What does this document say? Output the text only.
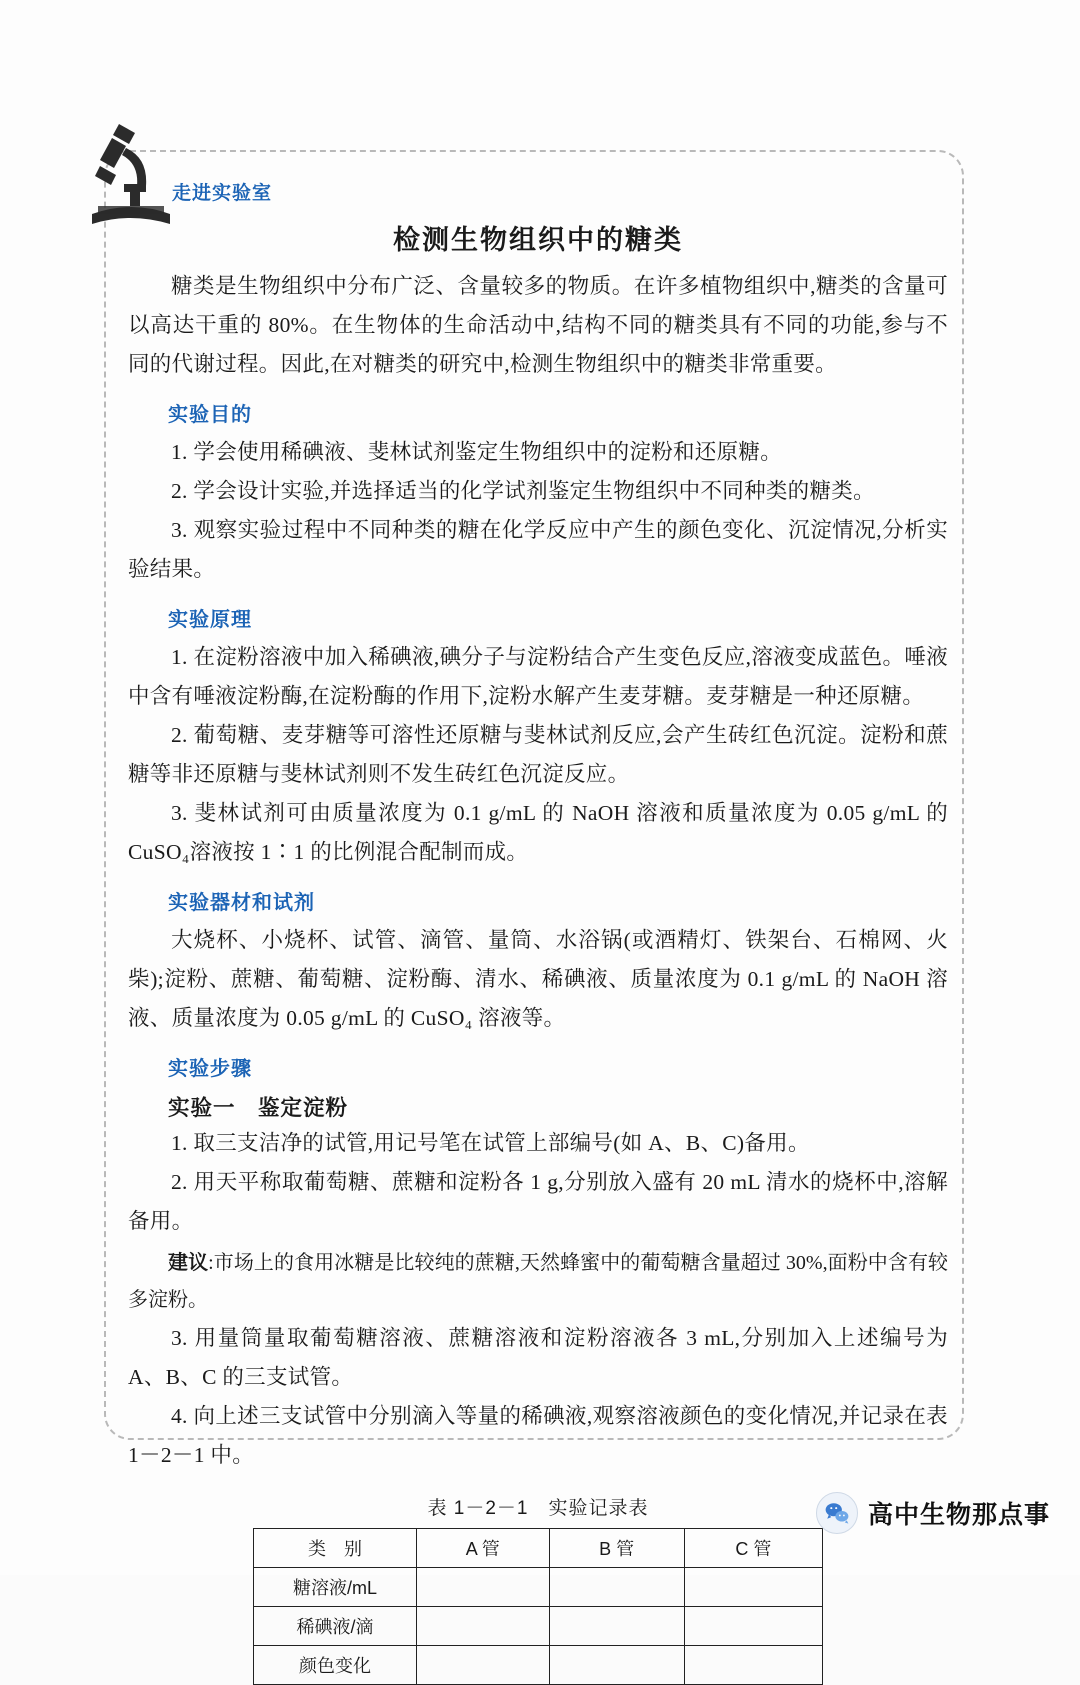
走进实验室
检测生物组织中的糖类

糖类是生物组织中分布广泛、含量较多的物质。在许多植物组织中,糖类的含量可以高达干重的 80%。在生物体的生命活动中,结构不同的糖类具有不同的功能,参与不同的代谢过程。因此,在对糖类的研究中,检测生物组织中的糖类非常重要。

实验目的

1. 学会使用稀碘液、斐林试剂鉴定生物组织中的淀粉和还原糖。

2. 学会设计实验,并选择适当的化学试剂鉴定生物组织中不同种类的糖类。

3. 观察实验过程中不同种类的糖在化学反应中产生的颜色变化、沉淀情况,分析实验结果。

实验原理

1. 在淀粉溶液中加入稀碘液,碘分子与淀粉结合产生变色反应,溶液变成蓝色。唾液中含有唾液淀粉酶,在淀粉酶的作用下,淀粉水解产生麦芽糖。麦芽糖是一种还原糖。

2. 葡萄糖、麦芽糖等可溶性还原糖与斐林试剂反应,会产生砖红色沉淀。淀粉和蔗糖等非还原糖与斐林试剂则不发生砖红色沉淀反应。

3. 斐林试剂可由质量浓度为 0.1 g/mL 的 NaOH 溶液和质量浓度为 0.05 g/mL 的 CuSO₄溶液按 1∶1 的比例混合配制而成。

实验器材和试剂

大烧杯、小烧杯、试管、滴管、量筒、水浴锅(或酒精灯、铁架台、石棉网、火柴);淀粉、蔗糖、葡萄糖、淀粉酶、清水、稀碘液、质量浓度为 0.1 g/mL 的 NaOH 溶液、质量浓度为 0.05 g/mL 的 CuSO₄ 溶液等。

实验步骤
实验一　鉴定淀粉

1. 取三支洁净的试管,用记号笔在试管上部编号(如 A、B、C)备用。

2. 用天平称取葡萄糖、蔗糖和淀粉各 1 g,分别放入盛有 20 mL 清水的烧杯中,溶解备用。

建议:市场上的食用冰糖是比较纯的蔗糖,天然蜂蜜中的葡萄糖含量超过 30%,面粉中含有较多淀粉。

3. 用量筒量取葡萄糖溶液、蔗糖溶液和淀粉溶液各 3 mL,分别加入上述编号为 A、B、C 的三支试管。

4. 向上述三支试管中分别滴入等量的稀碘液,观察溶液颜色的变化情况,并记录在表 1－2－1 中。

表 1－2－1　实验记录表
类　别	A 管	B 管	C 管
糖溶液/mL			
稀碘液/滴			
颜色变化			
高中生物那点事
